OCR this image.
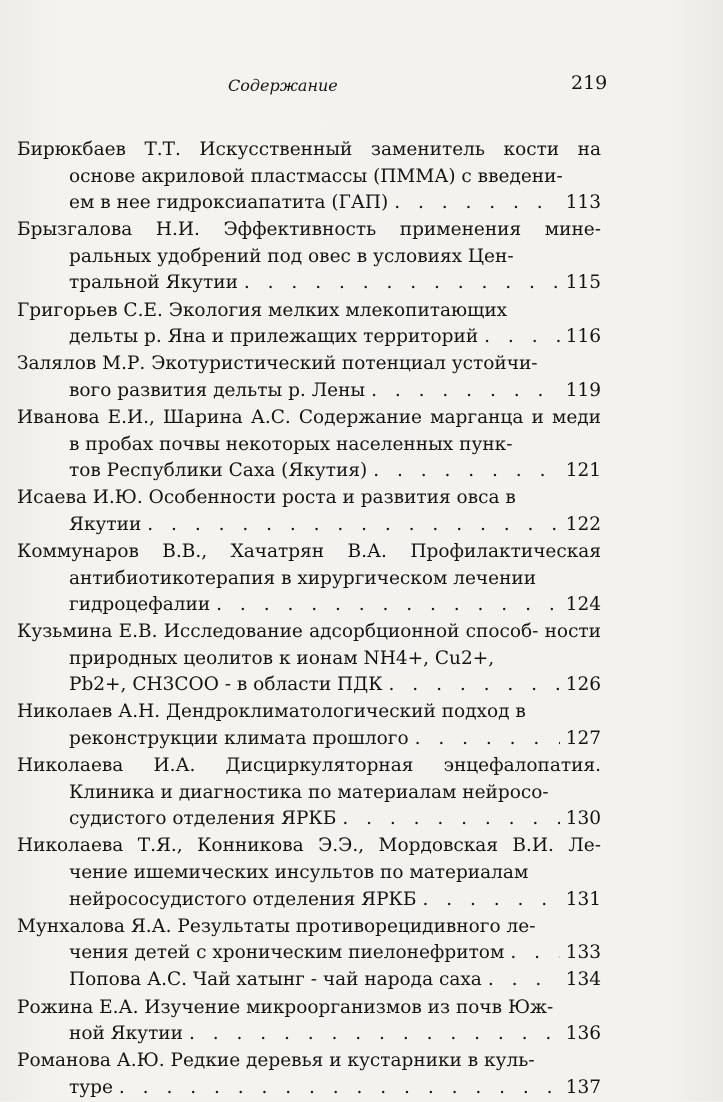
Содержание	219
Бирюкбаев Т.Т. Искусственный заменитель кости на основе акриловой пластмассы (ПММА) с введени-
ем в нее гидроксиапатита (ГАП) . . .	113
Брызгалова Н.И. Эффективность применения мине- ральных удобрений под овес в условиях Цен-
тральной Якутии . . .	115
Григорьев С.Е. Экология мелких млекопитающих
дельты р. Яна и прилежащих территорий . . .	116
Залялов М.Р. Экотуристический потенциал устойчи-
вого развития дельты р. Лены . . .	119
Иванова Е.И., Шарина А.С. Содержание марганца и меди в пробах почвы некоторых населенных пунк-
тов Республики Саха (Якутия) . . .	121
Исаева И.Ю. Особенности роста и развития овса в
Якутии . . .	122
Коммунаров В.В., Хачатрян В.А. Профилактическая антибиотикотерапия в хирургическом лечении
гидроцефалии . . .	124
Кузьмина Е.В. Исследование адсорбционной способ- ности природных цеолитов к ионам NH4+, Cu2+,
Pb2+, CH3COO - в области ПДК . . .	126
Николаев А.Н. Дендроклиматологический подход в
реконструкции климата прошлого . . .	127
Николаева И.А. Дисциркуляторная энцефалопатия. Клиника и диагностика по материалам нейросо-
судистого отделения ЯРКБ . . .	130
Николаева Т.Я., Конникова Э.Э., Мордовская В.И. Ле- чение ишемических инсультов по материалам
нейрососудистого отделения ЯРКБ . . .	131
Мунхалова Я.А. Результаты противорецидивного ле-
чения детей с хроническим пиелонефритом . . .	133
Попова А.С. Чай хатынг - чай народа саха . . .	134
Рожина Е.А. Изучение микроорганизмов из почв Юж-
ной Якутии . . .	136
Романова А.Ю. Редкие деревья и кустарники в куль-
туре . . .	137
